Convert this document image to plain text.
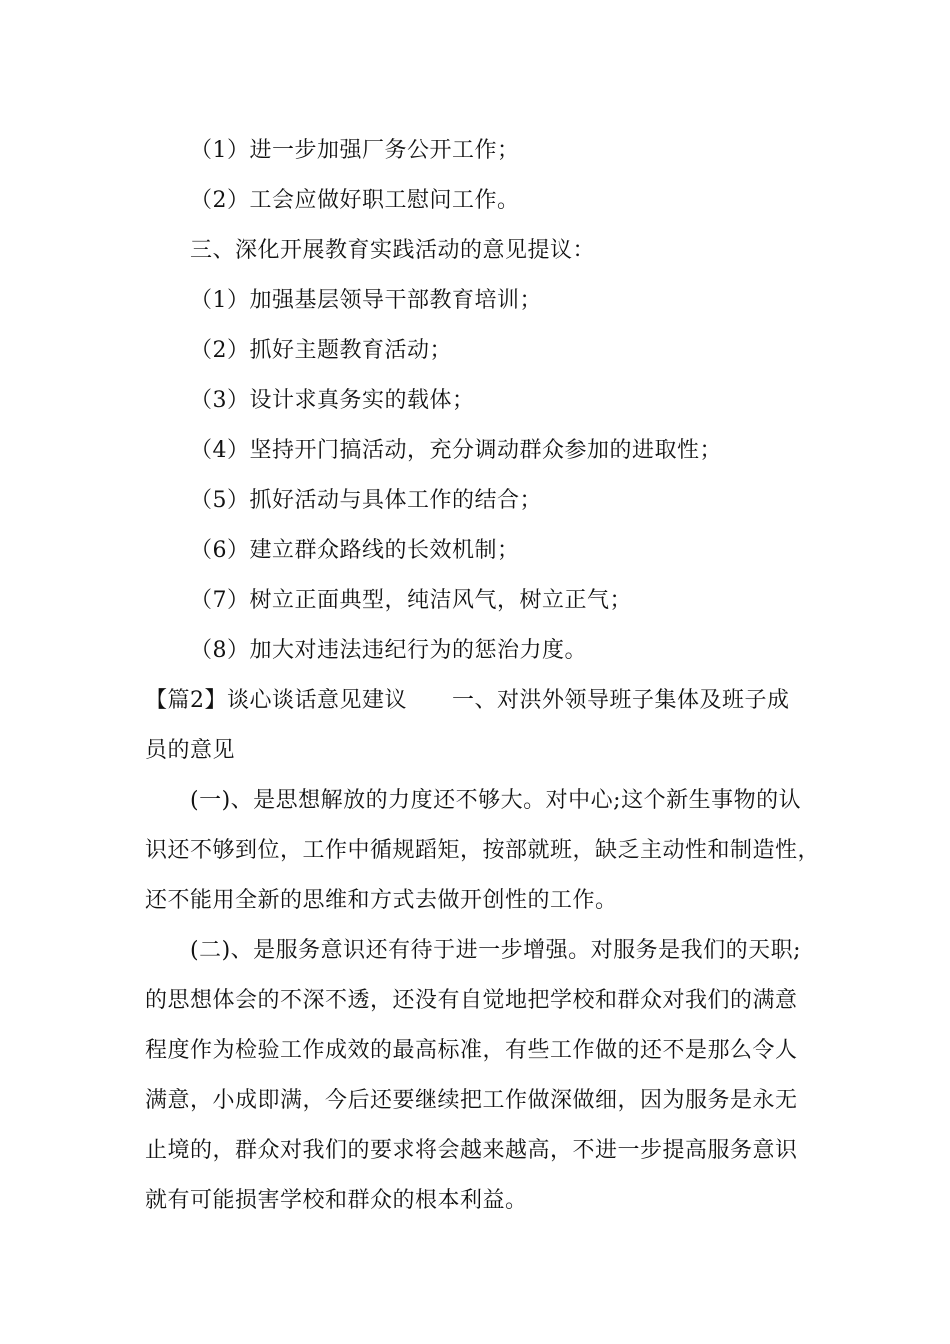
（1）进一步加强厂务公开工作；
（2）工会应做好职工慰问工作。
三、深化开展教育实践活动的意见提议：
（1）加强基层领导干部教育培训；
（2）抓好主题教育活动；
（3）设计求真务实的载体；
（4）坚持开门搞活动，充分调动群众参加的进取性；
（5）抓好活动与具体工作的结合；
（6）建立群众路线的长效机制；
（7）树立正面典型，纯洁风气，树立正气；
（8）加大对违法违纪行为的惩治力度。
【篇2】谈心谈话意见建议　　一、对洪外领导班子集体及班子成
员的意见
(一)、是思想解放的力度还不够大。对中心;这个新生事物的认
识还不够到位，工作中循规蹈矩，按部就班，缺乏主动性和制造性，
还不能用全新的思维和方式去做开创性的工作。
(二)、是服务意识还有待于进一步增强。对服务是我们的天职;
的思想体会的不深不透，还没有自觉地把学校和群众对我们的满意
程度作为检验工作成效的最高标准，有些工作做的还不是那么令人
满意，小成即满，今后还要继续把工作做深做细，因为服务是永无
止境的，群众对我们的要求将会越来越高，不进一步提高服务意识
就有可能损害学校和群众的根本利益。
